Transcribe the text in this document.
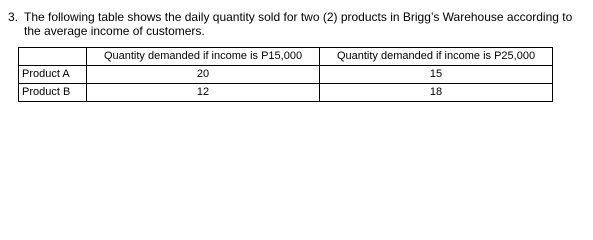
3. The following table shows the daily quantity sold for two (2) products in Brigg’s Warehouse according to the average income of customers.
	Quantity demanded if income is P15,000	Quantity demanded if income is P25,000
Product A	20	15
Product B	12	18
